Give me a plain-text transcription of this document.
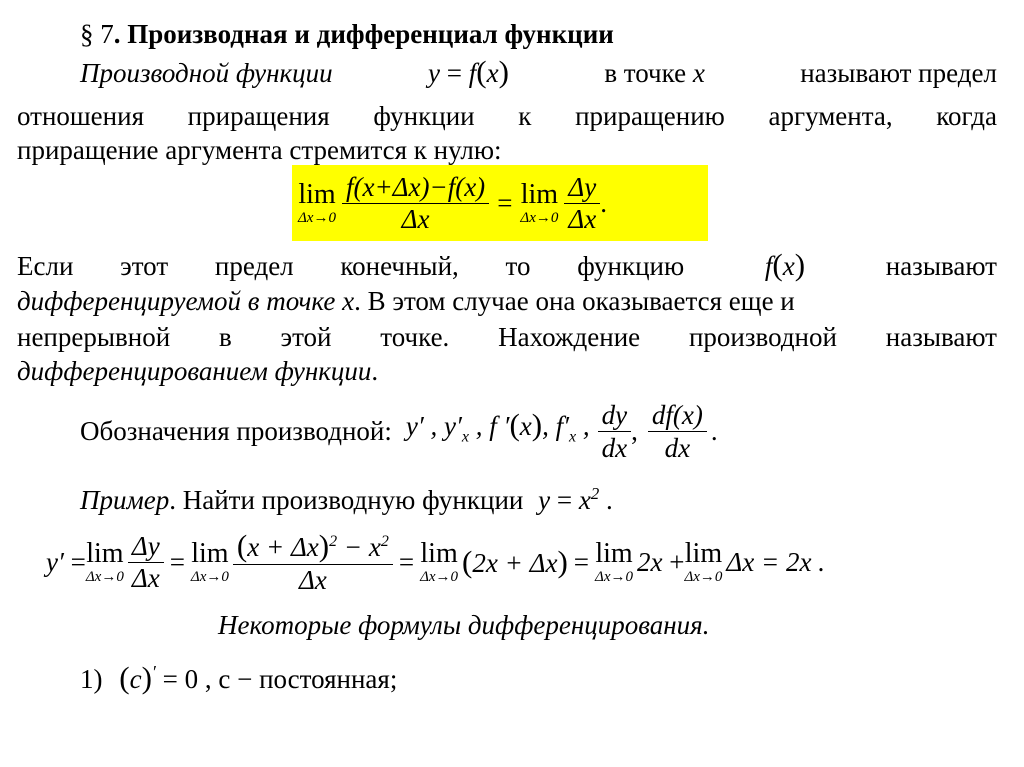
§ 7. Производная и дифференциал функции
Производной функции	y = f(x)	в точке x	называют предел
отношения приращения функции к приращению аргумента, когда
приращение аргумента стремится к нулю:
lim
$\Delta x\to 0 \frac{f(x+\Delta x)-f(x)}{\Delta x} = \lim$
$\Delta x\to 0 \frac{\Delta y}{\Delta x}$ .
Если этот предел конечный, то функцию	f(x)	называют
дифференцируемой в точке x. В этом случае она оказывается еще и
непрерывной в этой точке. Нахождение производной называют
дифференцированием функции.
Обозначения производной: y′ , $y'_x$ , f ′(x), $f'_x$ , $\frac{dy}{dx}$ , $\frac{df(x)}{dx}$ .
Пример. Найти производную функции $y = x^2$ .
y′ = lim
$\Delta x\to 0 \frac{\Delta y}{\Delta x} = \lim$
$\Delta x\to 0 \frac{(x + \Delta x)^2 - x^2}{\Delta x} = \lim$
Δx→0 (2x + Δx) = lim
Δx→0 2x + lim
Δx→0 Δx = 2x .
Некоторые формулы дифференцирования.
1) (c)′ = 0 , c − постоянная;
